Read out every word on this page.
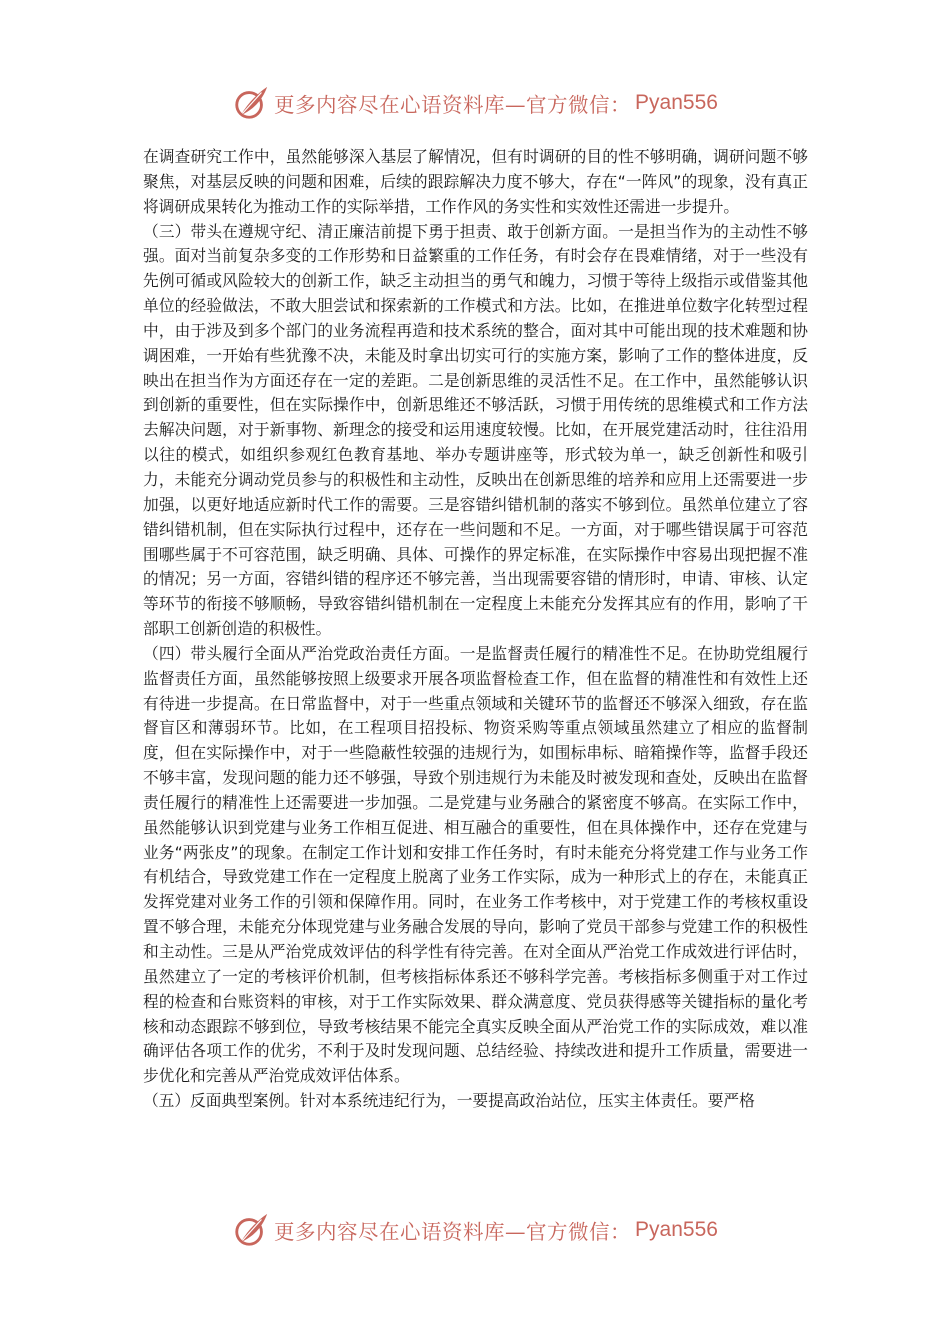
更多内容尽在心语资料库—官方微信： Pyan556

在调查研究工作中，虽然能够深入基层了解情况，但有时调研的目的性不够明确，调研问题不够聚焦，对基层反映的问题和困难，后续的跟踪解决力度不够大，存在“一阵风”的现象，没有真正将调研成果转化为推动工作的实际举措，工作作风的务实性和实效性还需进一步提升。

（三）带头在遵规守纪、清正廉洁前提下勇于担责、敢于创新方面。一是担当作为的主动性不够强。面对当前复杂多变的工作形势和日益繁重的工作任务，有时会存在畏难情绪，对于一些没有先例可循或风险较大的创新工作，缺乏主动担当的勇气和魄力，习惯于等待上级指示或借鉴其他单位的经验做法，不敢大胆尝试和探索新的工作模式和方法。比如，在推进单位数字化转型过程中，由于涉及到多个部门的业务流程再造和技术系统的整合，面对其中可能出现的技术难题和协调困难，一开始有些犹豫不决，未能及时拿出切实可行的实施方案，影响了工作的整体进度，反映出在担当作为方面还存在一定的差距。二是创新思维的灵活性不足。在工作中，虽然能够认识到创新的重要性，但在实际操作中，创新思维还不够活跃，习惯于用传统的思维模式和工作方法去解决问题，对于新事物、新理念的接受和运用速度较慢。比如，在开展党建活动时，往往沿用以往的模式，如组织参观红色教育基地、举办专题讲座等，形式较为单一，缺乏创新性和吸引力，未能充分调动党员参与的积极性和主动性，反映出在创新思维的培养和应用上还需要进一步加强，以更好地适应新时代工作的需要。三是容错纠错机制的落实不够到位。虽然单位建立了容错纠错机制，但在实际执行过程中，还存在一些问题和不足。一方面，对于哪些错误属于可容范围哪些属于不可容范围，缺乏明确、具体、可操作的界定标准，在实际操作中容易出现把握不准的情况；另一方面，容错纠错的程序还不够完善，当出现需要容错的情形时，申请、审核、认定等环节的衔接不够顺畅，导致容错纠错机制在一定程度上未能充分发挥其应有的作用，影响了干部职工创新创造的积极性。

（四）带头履行全面从严治党政治责任方面。一是监督责任履行的精准性不足。在协助党组履行监督责任方面，虽然能够按照上级要求开展各项监督检查工作，但在监督的精准性和有效性上还有待进一步提高。在日常监督中，对于一些重点领域和关键环节的监督还不够深入细致，存在监督盲区和薄弱环节。比如，在工程项目招投标、物资采购等重点领域虽然建立了相应的监督制度，但在实际操作中，对于一些隐蔽性较强的违规行为，如围标串标、暗箱操作等，监督手段还不够丰富，发现问题的能力还不够强，导致个别违规行为未能及时被发现和查处，反映出在监督责任履行的精准性上还需要进一步加强。二是党建与业务融合的紧密度不够高。在实际工作中，虽然能够认识到党建与业务工作相互促进、相互融合的重要性，但在具体操作中，还存在党建与业务“两张皮”的现象。在制定工作计划和安排工作任务时，有时未能充分将党建工作与业务工作有机结合，导致党建工作在一定程度上脱离了业务工作实际，成为一种形式上的存在，未能真正发挥党建对业务工作的引领和保障作用。同时，在业务工作考核中，对于党建工作的考核权重设置不够合理，未能充分体现党建与业务融合发展的导向，影响了党员干部参与党建工作的积极性和主动性。三是从严治党成效评估的科学性有待完善。在对全面从严治党工作成效进行评估时，虽然建立了一定的考核评价机制，但考核指标体系还不够科学完善。考核指标多侧重于对工作过程的检查和台账资料的审核，对于工作实际效果、群众满意度、党员获得感等关键指标的量化考核和动态跟踪不够到位，导致考核结果不能完全真实反映全面从严治党工作的实际成效，难以准确评估各项工作的优劣，不利于及时发现问题、总结经验、持续改进和提升工作质量，需要进一步优化和完善从严治党成效评估体系。

（五）反面典型案例。针对本系统违纪行为，一要提高政治站位，压实主体责任。要严格

更多内容尽在心语资料库—官方微信： Pyan556
